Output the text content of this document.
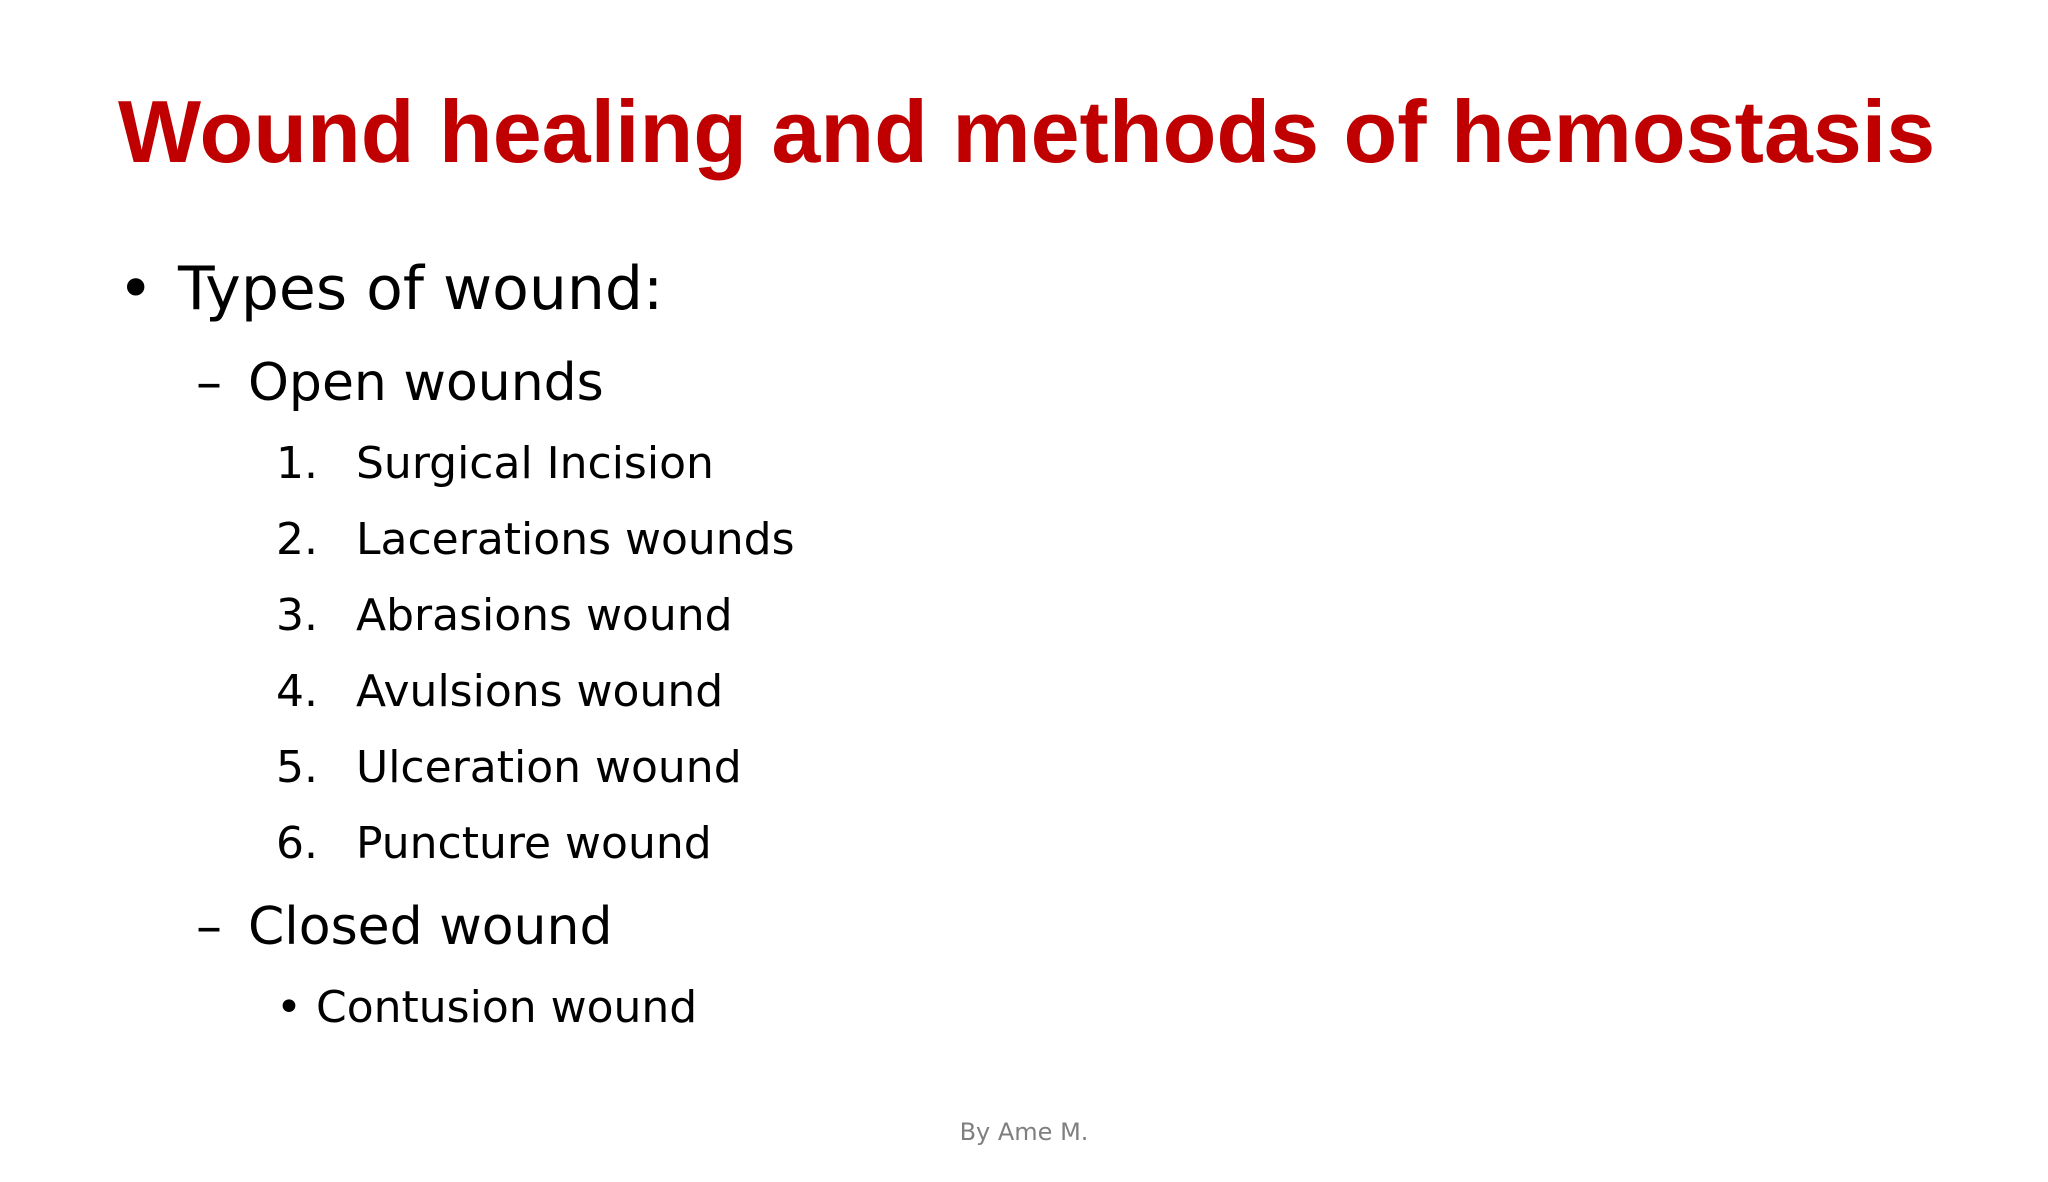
Wound healing and methods of hemostasis
• Types of wound:
– Open wounds
1. Surgical Incision
2. Lacerations wounds
3. Abrasions wound
4. Avulsions wound
5. Ulceration wound
6. Puncture wound
– Closed wound
• Contusion wound
By Ame M.
